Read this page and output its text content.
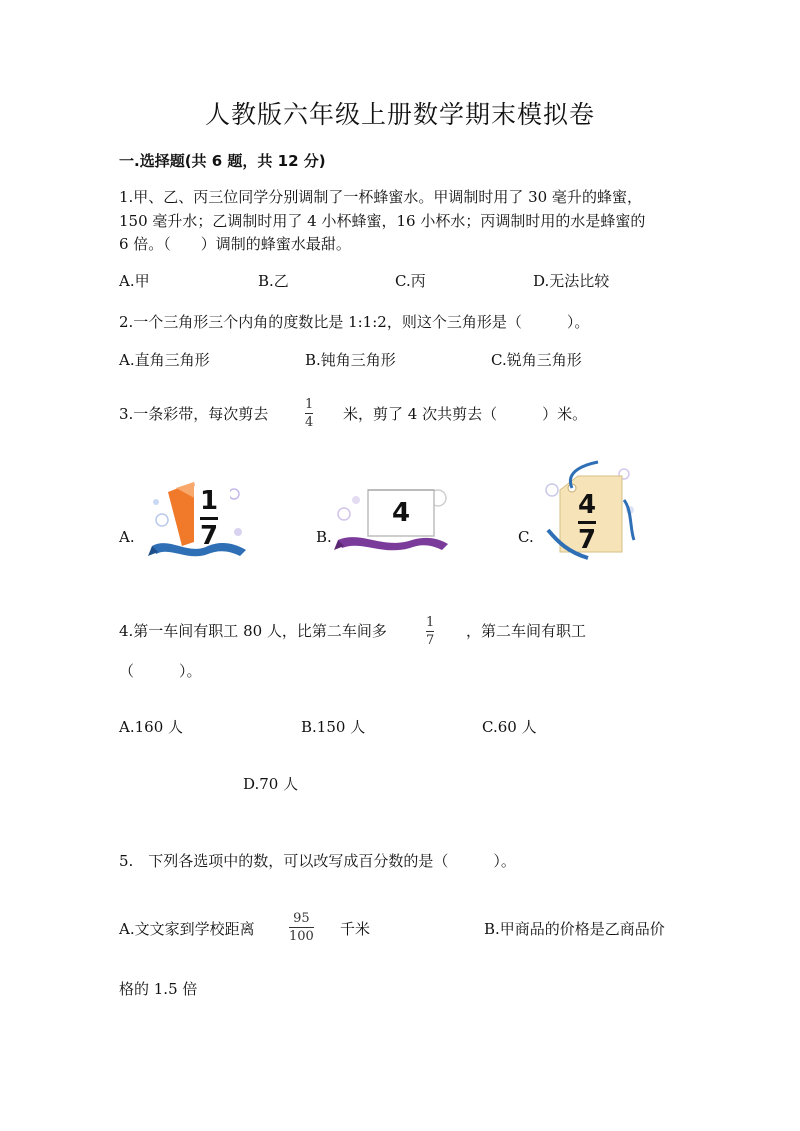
人教版六年级上册数学期末模拟卷
一.选择题(共 6 题，共 12 分)
1.甲、乙、丙三位同学分别调制了一杯蜂蜜水。甲调制时用了 30 毫升的蜂蜜，
150 毫升水；乙调制时用了 4 小杯蜂蜜，16 小杯水；丙调制时用的水是蜂蜜的
6 倍。（　　）调制的蜂蜜水最甜。
A.甲	B.乙	C.丙	D.无法比较
2.一个三角形三个内角的度数比是 1:1:2，则这个三角形是（　　　）。
A.直角三角形	B.钝角三角形	C.锐角三角形
3.一条彩带，每次剪去
1
4 米，剪了 4 次共剪去（　　　）米。
A.
1
7	B.
4
C.
4
7
4.第一车间有职工 80 人，比第二车间多	1
7
，第二车间有职工
（　　　）。
A.160 人	B.150 人	C.60 人
D.70 人
5.　下列各选项中的数，可以改写成百分数的是（　　　）。
A.文文家到学校距离
95
100 千米	B.甲商品的价格是乙商品价
格的 1.5 倍
